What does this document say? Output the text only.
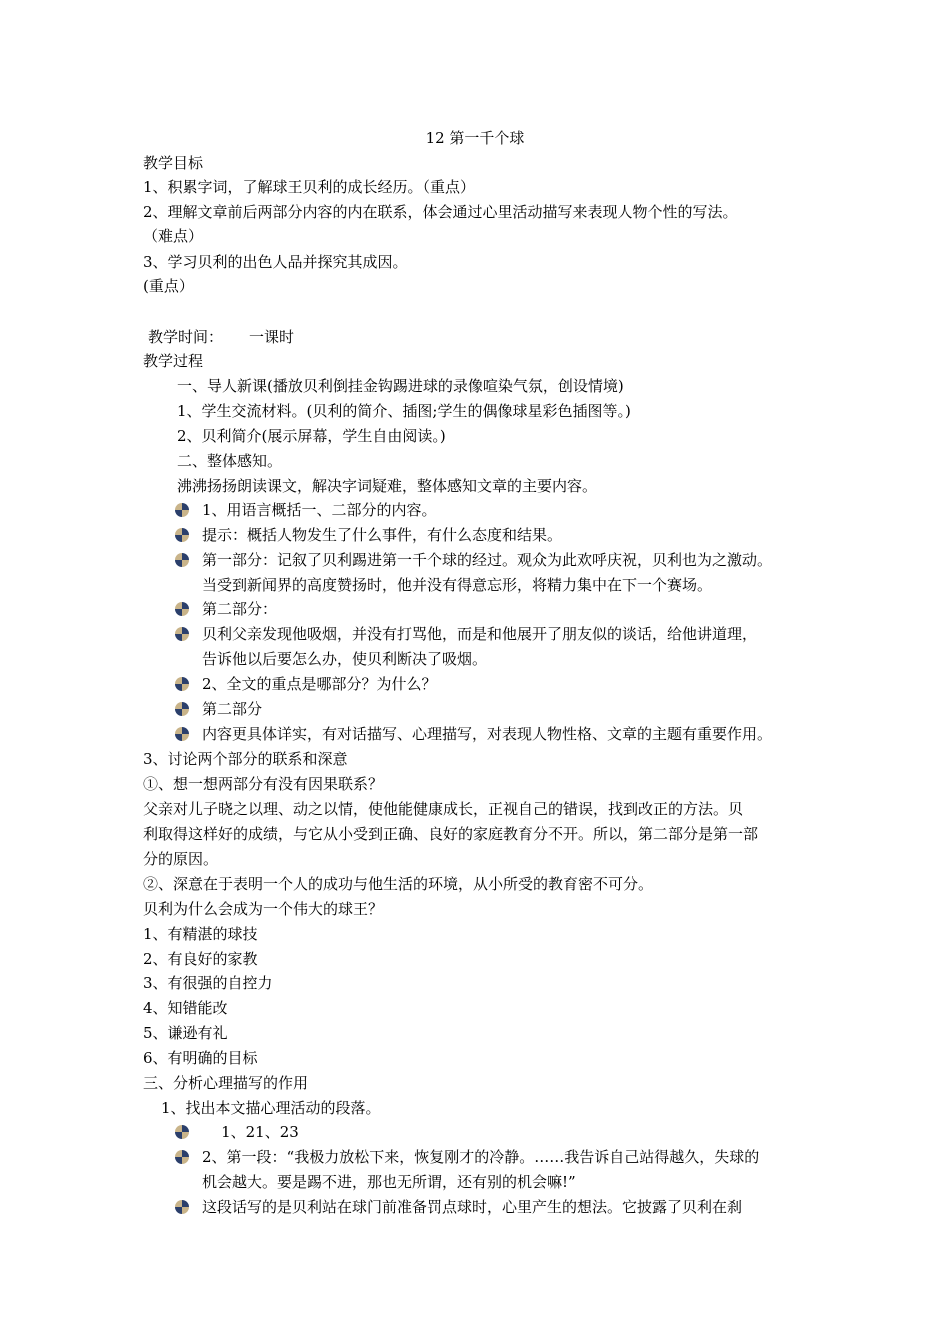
12 第一千个球
教学目标
1、积累字词，了解球王贝利的成长经历。（重点）
2、理解文章前后两部分内容的内在联系，体会通过心里活动描写来表现人物个性的写法。
（难点）
3、学习贝利的出色人品并探究其成因。
(重点）
教学时间： 一课时
教学过程
一、导人新课(播放贝利倒挂金钩踢进球的录像喧染气氛，创设情境)
1、学生交流材料。(贝利的简介、插图;学生的偶像球星彩色插图等。)
2、贝利简介(展示屏幕，学生自由阅读。)
二、整体感知。
沸沸扬扬朗读课文，解决字词疑难，整体感知文章的主要内容。
1、用语言概括一、二部分的内容。
提示：概括人物发生了什么事件，有什么态度和结果。
第一部分：记叙了贝利踢进第一千个球的经过。观众为此欢呼庆祝，贝利也为之激动。
当受到新闻界的高度赞扬时，他并没有得意忘形，将精力集中在下一个赛场。
第二部分：
贝利父亲发现他吸烟，并没有打骂他，而是和他展开了朋友似的谈话，给他讲道理，
告诉他以后要怎么办，使贝利断决了吸烟。
2、全文的重点是哪部分？为什么？
第二部分
内容更具体详实，有对话描写、心理描写，对表现人物性格、文章的主题有重要作用。
3、讨论两个部分的联系和深意
①、想一想两部分有没有因果联系？
父亲对儿子晓之以理、动之以情，使他能健康成长，正视自己的错误，找到改正的方法。贝
利取得这样好的成绩，与它从小受到正确、良好的家庭教育分不开。所以，第二部分是第一部
分的原因。
②、深意在于表明一个人的成功与他生活的环境，从小所受的教育密不可分。
贝利为什么会成为一个伟大的球王？
1、有精湛的球技
2、有良好的家教
3、有很强的自控力
4、知错能改
5、谦逊有礼
6、有明确的目标
三、分析心理描写的作用
1、找出本文描心理活动的段落。
1、21、23
2、第一段：“我极力放松下来，恢复刚才的冷静。……我告诉自己站得越久，失球的
机会越大。要是踢不进，那也无所谓，还有别的机会嘛!”
这段话写的是贝利站在球门前准备罚点球时，心里产生的想法。它披露了贝利在刹
